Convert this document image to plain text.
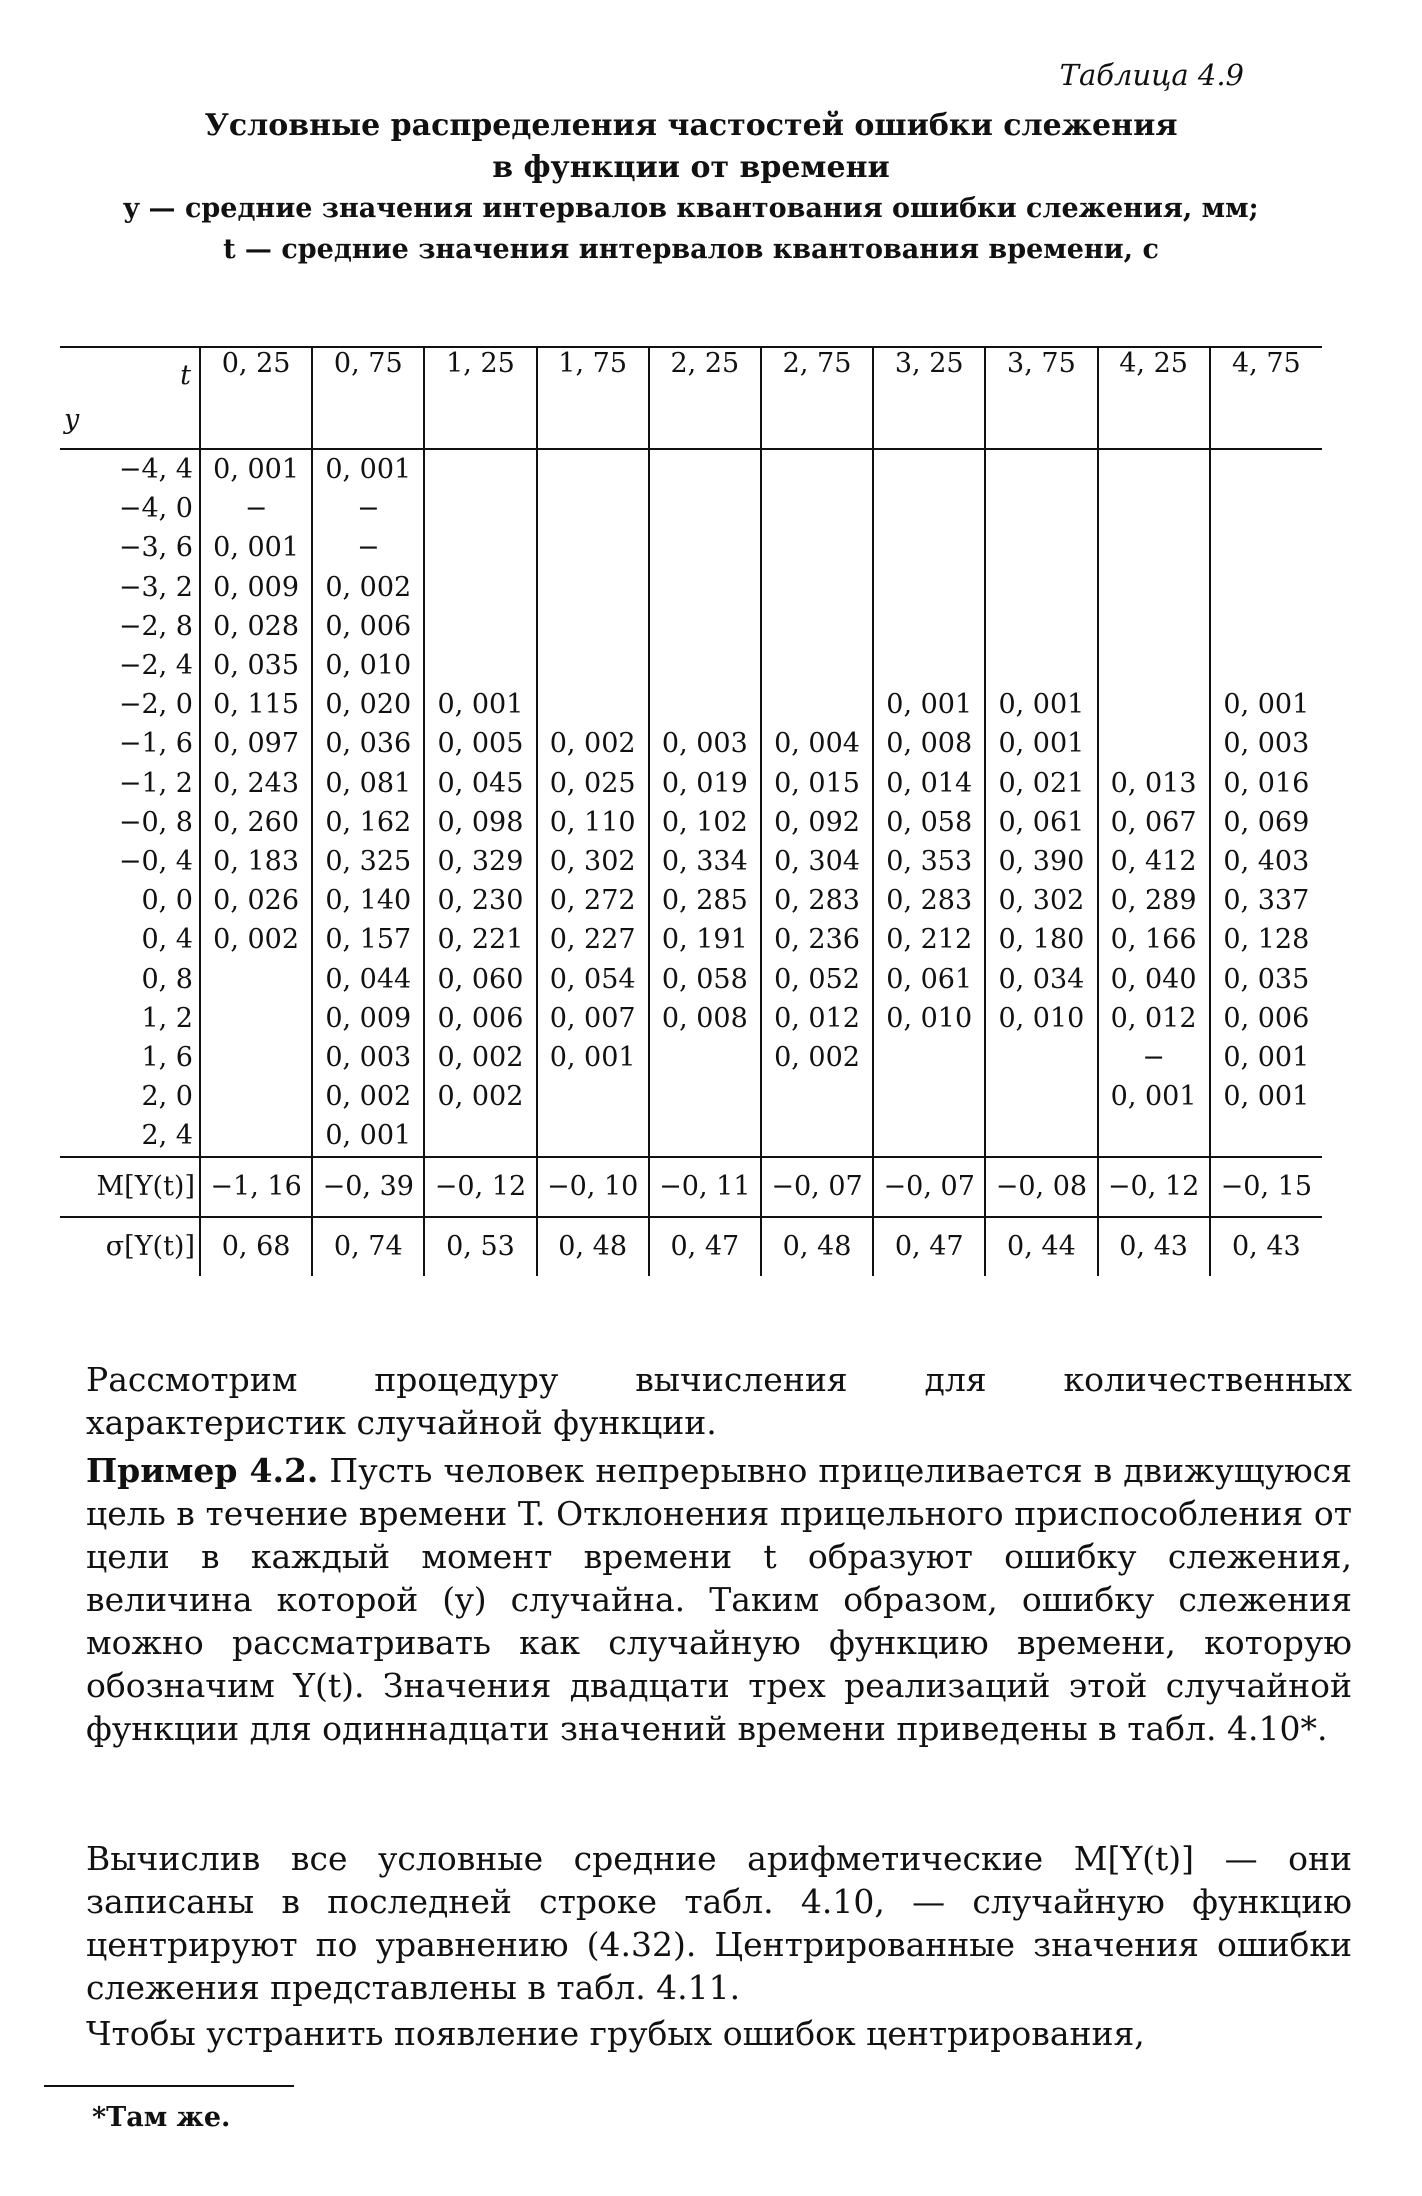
Таблица 4.9
Условные распределения частостей ошибки слежения
в функции от времени
y — средние значения интервалов квантования ошибки слежения, мм;
t — средние значения интервалов квантования времени, с
t
y	0, 25	0, 75	1, 25	1, 75	2, 25	2, 75	3, 25	3, 75	4, 25	4, 75
−4, 4	0, 001	0, 001								
−4, 0	−	−								
−3, 6	0, 001	−								
−3, 2	0, 009	0, 002								
−2, 8	0, 028	0, 006								
−2, 4	0, 035	0, 010								
−2, 0	0, 115	0, 020	0, 001				0, 001	0, 001		0, 001
−1, 6	0, 097	0, 036	0, 005	0, 002	0, 003	0, 004	0, 008	0, 001		0, 003
−1, 2	0, 243	0, 081	0, 045	0, 025	0, 019	0, 015	0, 014	0, 021	0, 013	0, 016
−0, 8	0, 260	0, 162	0, 098	0, 110	0, 102	0, 092	0, 058	0, 061	0, 067	0, 069
−0, 4	0, 183	0, 325	0, 329	0, 302	0, 334	0, 304	0, 353	0, 390	0, 412	0, 403
0, 0	0, 026	0, 140	0, 230	0, 272	0, 285	0, 283	0, 283	0, 302	0, 289	0, 337
0, 4	0, 002	0, 157	0, 221	0, 227	0, 191	0, 236	0, 212	0, 180	0, 166	0, 128
0, 8		0, 044	0, 060	0, 054	0, 058	0, 052	0, 061	0, 034	0, 040	0, 035
1, 2		0, 009	0, 006	0, 007	0, 008	0, 012	0, 010	0, 010	0, 012	0, 006
1, 6		0, 003	0, 002	0, 001		0, 002			−	0, 001
2, 0		0, 002	0, 002						0, 001	0, 001
2, 4		0, 001								
M[Y(t)]	−1, 16	−0, 39	−0, 12	−0, 10	−0, 11	−0, 07	−0, 07	−0, 08	−0, 12	−0, 15
σ[Y(t)]	0, 68	0, 74	0, 53	0, 48	0, 47	0, 48	0, 47	0, 44	0, 43	0, 43

Рассмотрим процедуру вычисления для количественных характеристик случайной функции.

Пример 4.2. Пусть человек непрерывно прицеливается в движущуюся цель в течение времени T. Отклонения прицельного приспособления от цели в каждый момент времени t образуют ошибку слежения, величина которой (y) случайна. Таким образом, ошибку слежения можно рассматривать как случайную функцию времени, которую обозначим Y(t). Значения двадцати трех реализаций этой случайной функции для одиннадцати значений времени приведены в табл. 4.10*.

Вычислив все условные средние арифметические M[Y(t)] — они записаны в последней строке табл. 4.10, — случайную функцию центрируют по уравнению (4.32). Центрированные значения ошибки слежения представлены в табл. 4.11.

Чтобы устранить появление грубых ошибок центрирования,

*Там же.
